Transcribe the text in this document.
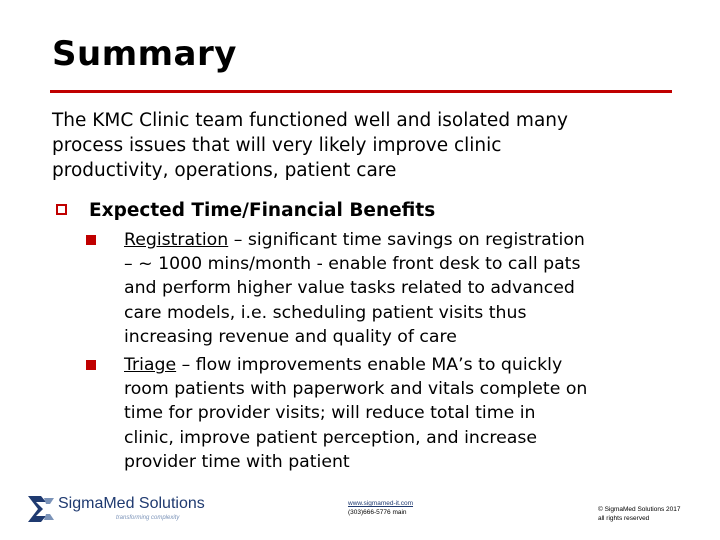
Summary
The KMC Clinic team functioned well and isolated many
process issues that will very likely improve clinic
productivity, operations, patient care
Expected Time/Financial Benefits
Registration – significant time savings on registration
– ~ 1000 mins/month - enable front desk to call pats
and perform higher value tasks related to advanced
care models, i.e. scheduling patient visits thus
increasing revenue and quality of care
Triage – flow improvements enable MA’s to quickly
room patients with paperwork and vitals complete on
time for provider visits; will reduce total time in
clinic, improve patient perception, and increase
provider time with patient
SigmaMed Solutions
transforming complexity
www.sigmamed-it.com
(303)666-5776 main	© SigmaMed Solutions 2017
all rights reserved
